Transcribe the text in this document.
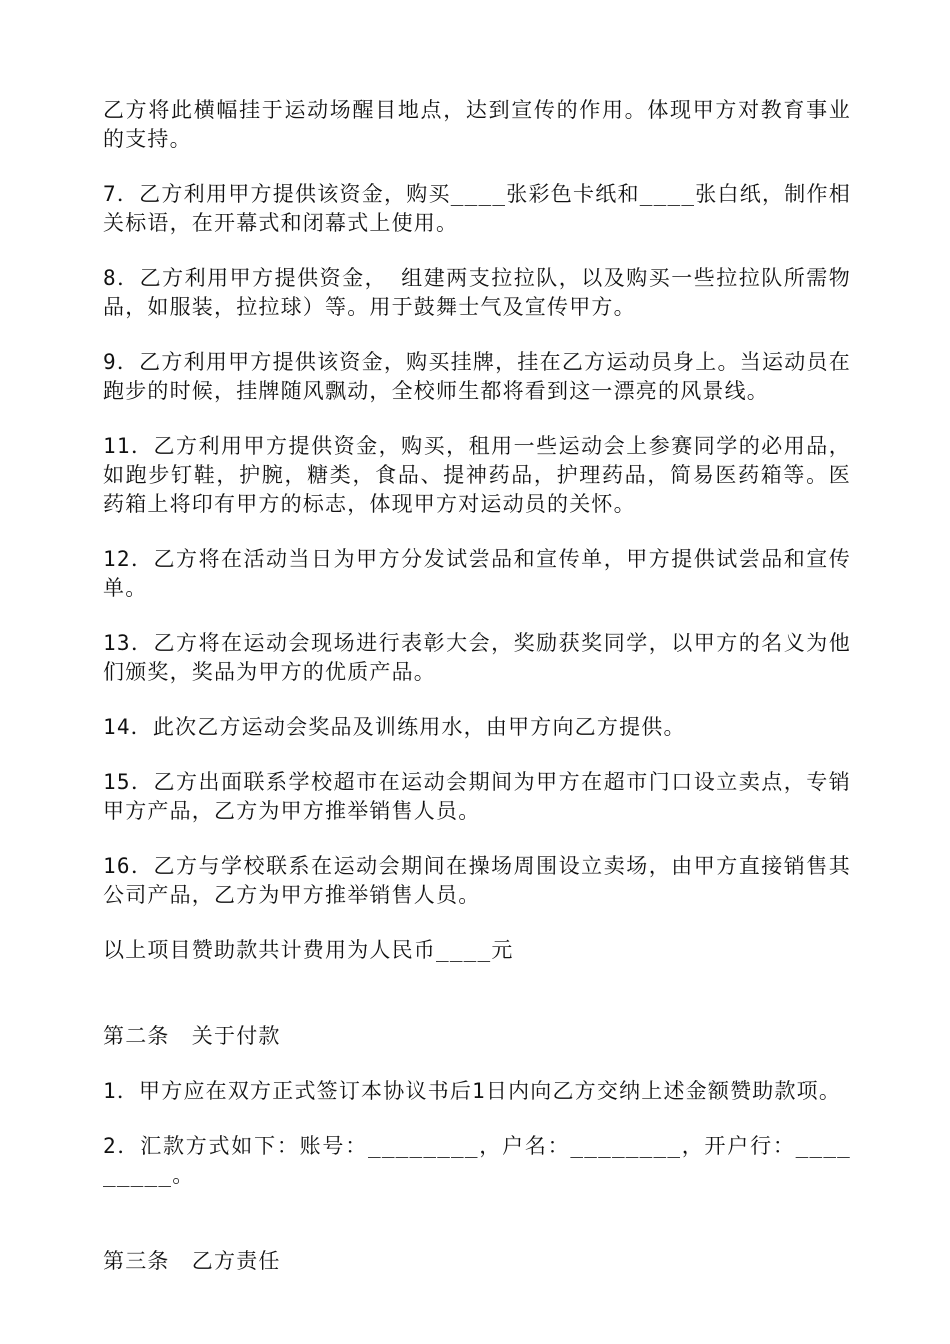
乙方将此横幅挂于运动场醒目地点，达到宣传的作用。体现甲方对教育事业的支持。

7．乙方利用甲方提供该资金，购买____张彩色卡纸和____张白纸，制作相关标语，在开幕式和闭幕式上使用。

8．乙方利用甲方提供资金， 组建两支拉拉队，以及购买一些拉拉队所需物品，如服装，拉拉球）等。用于鼓舞士气及宣传甲方。

9．乙方利用甲方提供该资金，购买挂牌，挂在乙方运动员身上。当运动员在跑步的时候，挂牌随风飘动，全校师生都将看到这一漂亮的风景线。

11．乙方利用甲方提供资金，购买，租用一些运动会上参赛同学的必用品，如跑步钉鞋，护腕，糖类，食品、提神药品，护理药品，简易医药箱等。医药箱上将印有甲方的标志，体现甲方对运动员的关怀。

12．乙方将在活动当日为甲方分发试尝品和宣传单，甲方提供试尝品和宣传单。

13．乙方将在运动会现场进行表彰大会，奖励获奖同学，以甲方的名义为他们颁奖，奖品为甲方的优质产品。

14．此次乙方运动会奖品及训练用水，由甲方向乙方提供。

15．乙方出面联系学校超市在运动会期间为甲方在超市门口设立卖点，专销甲方产品，乙方为甲方推举销售人员。

16．乙方与学校联系在运动会期间在操场周围设立卖场，由甲方直接销售其公司产品，乙方为甲方推举销售人员。

以上项目赞助款共计费用为人民币____元

第二条　关于付款

1．甲方应在双方正式签订本协议书后1日内向乙方交纳上述金额赞助款项。

2．汇款方式如下：账号：________，户名：________，开户行：_________。

第三条　乙方责任
